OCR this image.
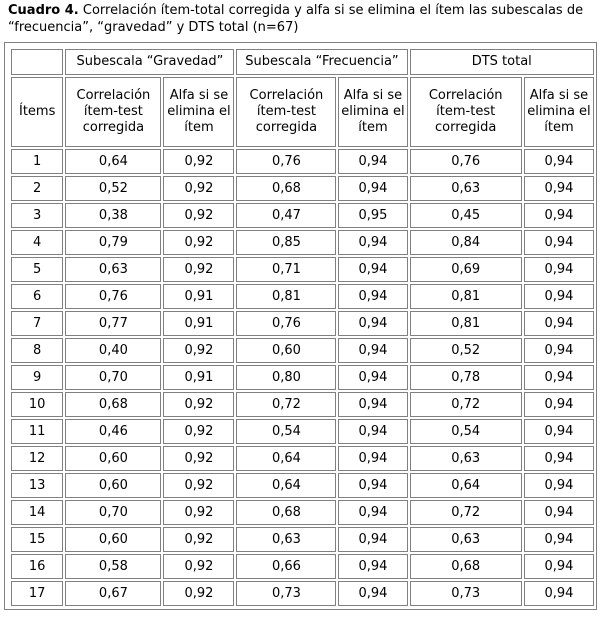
Cuadro 4. Correlación ítem-total corregida y alfa si se elimina el ítem las subescalas de “frecuencia”, “gravedad” y DTS total (n=67)
	Subescala “Gravedad”		Subescala “Frecuencia”		DTS total	
Ítems	Correlación ítem-test corregida	Alfa si se elimina el ítem	Correlación ítem-test corregida	Alfa si se elimina el ítem	Correlación ítem-test corregida	Alfa si se elimina el ítem
1	0,64	0,92	0,76	0,94	0,76	0,94
2	0,52	0,92	0,68	0,94	0,63	0,94
3	0,38	0,92	0,47	0,95	0,45	0,94
4	0,79	0,92	0,85	0,94	0,84	0,94
5	0,63	0,92	0,71	0,94	0,69	0,94
6	0,76	0,91	0,81	0,94	0,81	0,94
7	0,77	0,91	0,76	0,94	0,81	0,94
8	0,40	0,92	0,60	0,94	0,52	0,94
9	0,70	0,91	0,80	0,94	0,78	0,94
10	0,68	0,92	0,72	0,94	0,72	0,94
11	0,46	0,92	0,54	0,94	0,54	0,94
12	0,60	0,92	0,64	0,94	0,63	0,94
13	0,60	0,92	0,64	0,94	0,64	0,94
14	0,70	0,92	0,68	0,94	0,72	0,94
15	0,60	0,92	0,63	0,94	0,63	0,94
16	0,58	0,92	0,66	0,94	0,68	0,94
17	0,67	0,92	0,73	0,94	0,73	0,94
